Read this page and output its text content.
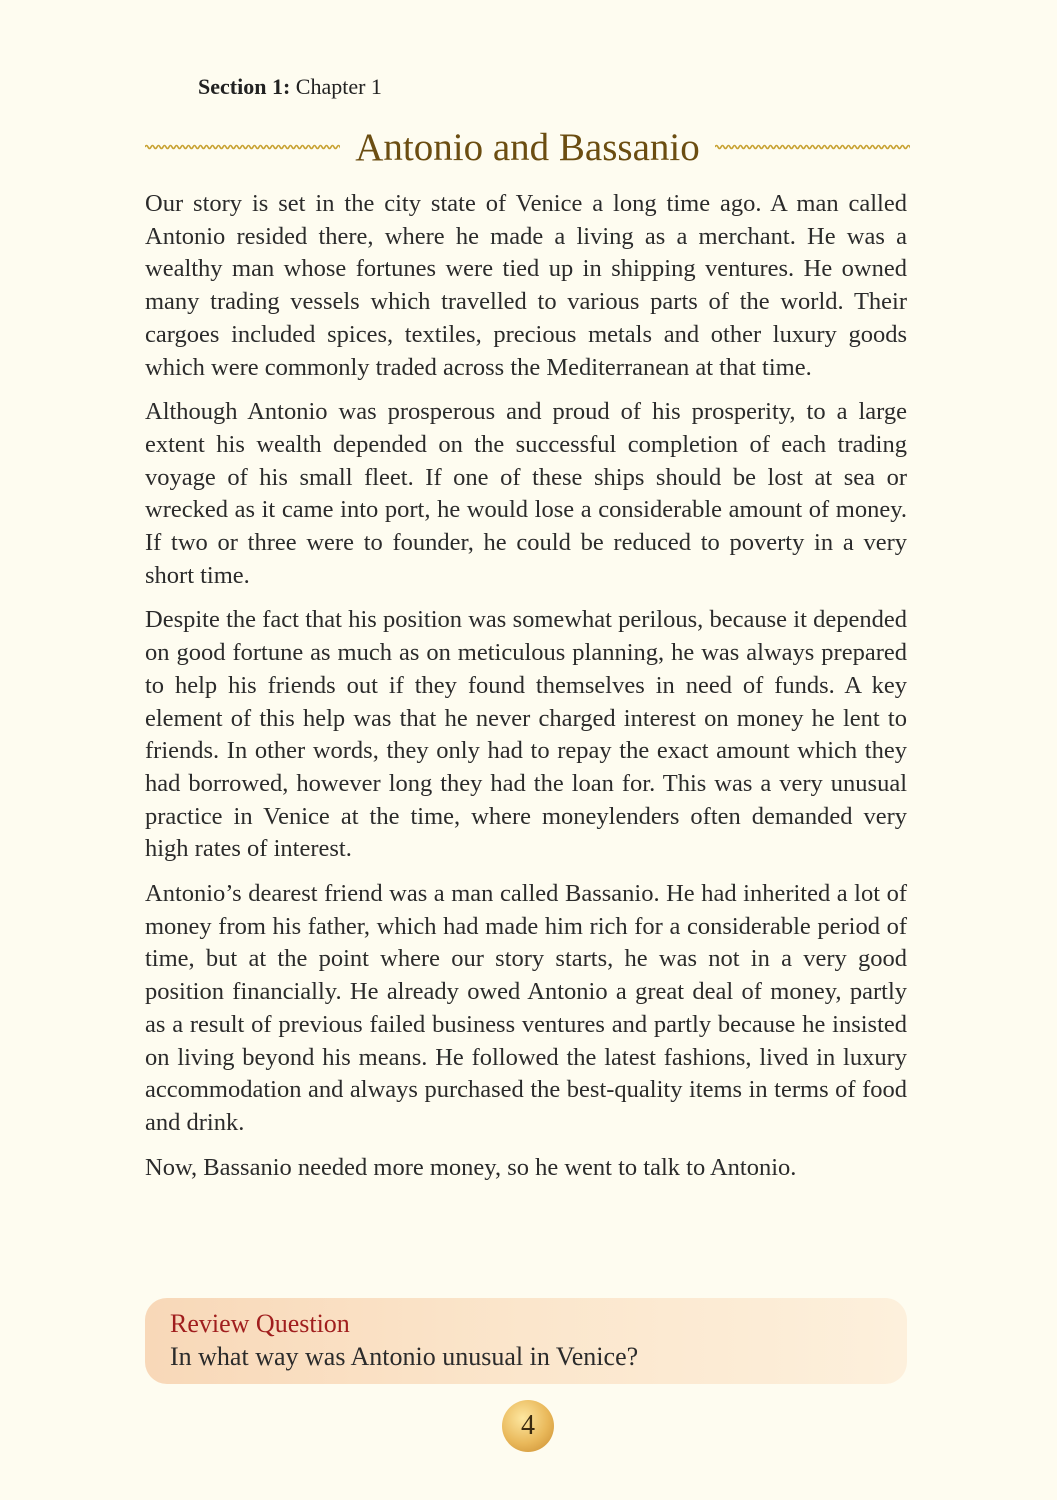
Section 1: Chapter 1
Antonio and Bassanio

Our story is set in the city state of Venice a long time ago. A man called Antonio resided there, where he made a living as a merchant. He was a wealthy man whose fortunes were tied up in shipping ventures. He owned many trading vessels which travelled to various parts of the world. Their cargoes included spices, textiles, precious metals and other luxury goods which were commonly traded across the Mediterranean at that time.

Although Antonio was prosperous and proud of his prosperity, to a large extent his wealth depended on the successful completion of each trading voyage of his small fleet. If one of these ships should be lost at sea or wrecked as it came into port, he would lose a considerable amount of money. If two or three were to founder, he could be reduced to poverty in a very short time.

Despite the fact that his position was somewhat perilous, because it depended on good fortune as much as on meticulous planning, he was always prepared to help his friends out if they found themselves in need of funds. A key element of this help was that he never charged interest on money he lent to friends. In other words, they only had to repay the exact amount which they had borrowed, however long they had the loan for. This was a very unusual practice in Venice at the time, where moneylenders often demanded very high rates of interest.

Antonio’s dearest friend was a man called Bassanio. He had inherited a lot of money from his father, which had made him rich for a considerable period of time, but at the point where our story starts, he was not in a very good position financially. He already owed Antonio a great deal of money, partly as a result of previous failed business ventures and partly because he insisted on living beyond his means. He followed the latest fashions, lived in luxury accommodation and always purchased the best-quality items in terms of food and drink.

Now, Bassanio needed more money, so he went to talk to Antonio.

Review Question
In what way was Antonio unusual in Venice?
4
